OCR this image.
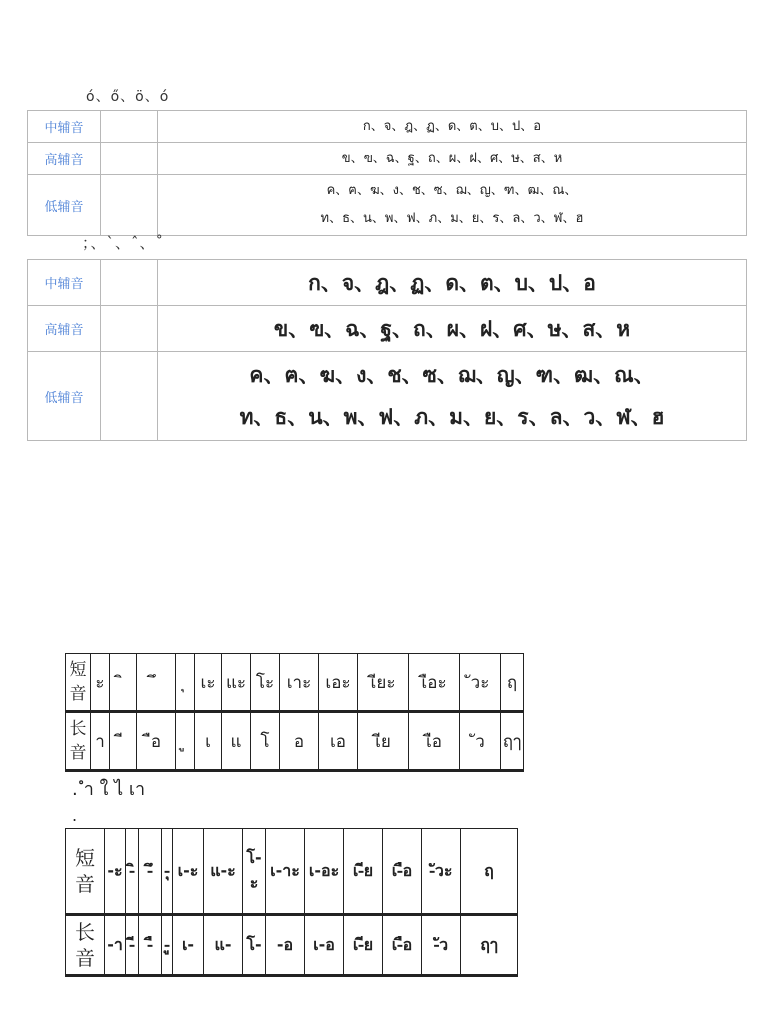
ó、ő、ö、ó
中辅音		ก、จ、ฎ、ฏ、ด、ต、บ、ป、อ
高辅音		ข、ฃ、ฉ、ฐ、ถ、ผ、ฝ、ศ、ษ、ส、ห
低辅音		ค、ฅ、ฆ、ง、ช、ซ、ฌ、ญ、ฑ、ฒ、ณ、
ท、ธ、น、พ、ฟ、ภ、ม、ย、ร、ล、ว、ฬ、ฮ
；、ˋ、ˆ、˚
中辅音		ก、จ、ฎ、ฏ、ด、ต、บ、ป、อ
高辅音		ข、ฃ、ฉ、ฐ、ถ、ผ、ฝ、ศ、ษ、ส、ห
低辅音		ค、ฅ、ฆ、ง、ช、ซ、ฌ、ญ、ฑ、ฒ、ณ、
ท、ธ、น、พ、ฟ、ภ、ม、ย、ร、ล、ว、ฬ、ฮ
短音	ะ				เะ	แะ	โะ	เาะ	เอะ	เียะ	เือะ	ัวะ	ฤ
长音	า		ือ		เ	แ	โ	อ	เอ	เีย	เือ	ัว	ฤๅ
. ำ ใ ไ เา
.
短音	-ะ	-ิ	-ึ	-ุ	เ-ะ	แ-ะ	โ-ะ	เ-าะ	เ-อะ	เ-ีย	เ-ือ	-ัวะ	ฤ
长音	-า	-ี	-ื	-ู	เ-	แ-	โ-	-อ	เ-อ	เ-ีย	เ-ือ	-ัว	ฤๅ
